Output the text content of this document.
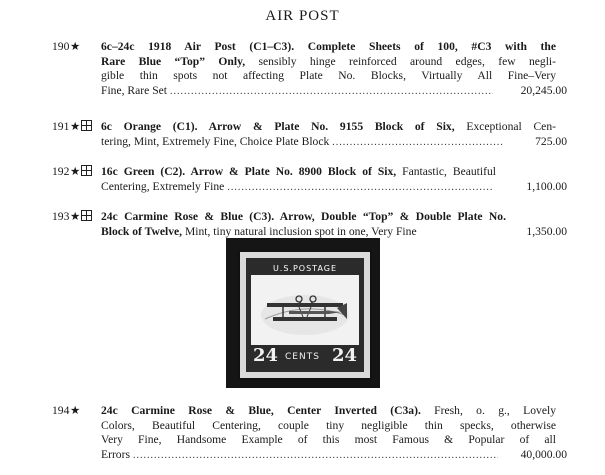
AIR POST
190 ★ 6c–24c 1918 Air Post (C1–C3). Complete Sheets of 100, #C3 with the
Rare Blue “Top” Only, sensibly hinge reinforced around edges, few negli-
gible thin spots not affecting Plate No. Blocks, Virtually All Fine–Very
Fine, Rare Set .....	20,245.00
191 ★	6c Orange (C1). Arrow & Plate No. 9155 Block of Six, Exceptional Cen-
tering, Mint, Extremely Fine, Choice Plate Block .....	725.00
192 ★	16c Green (C2). Arrow & Plate No. 8900 Block of Six, Fantastic, Beautiful
Centering, Extremely Fine .....	1,100.00
193 ★	24c Carmine Rose & Blue (C3). Arrow, Double “Top” & Double Plate No.
Block of Twelve, Mint, tiny natural inclusion spot in one, Very Fine	1,350.00
U.S.POSTAGE
24 CENTS 24
194 ★ 24c Carmine Rose & Blue, Center Inverted (C3a). Fresh, o. g., Lovely
Colors, Beautiful Centering, couple tiny negligible thin specks, otherwise
Very Fine, Handsome Example of this most Famous & Popular of all
Errors .....	40,000.00
